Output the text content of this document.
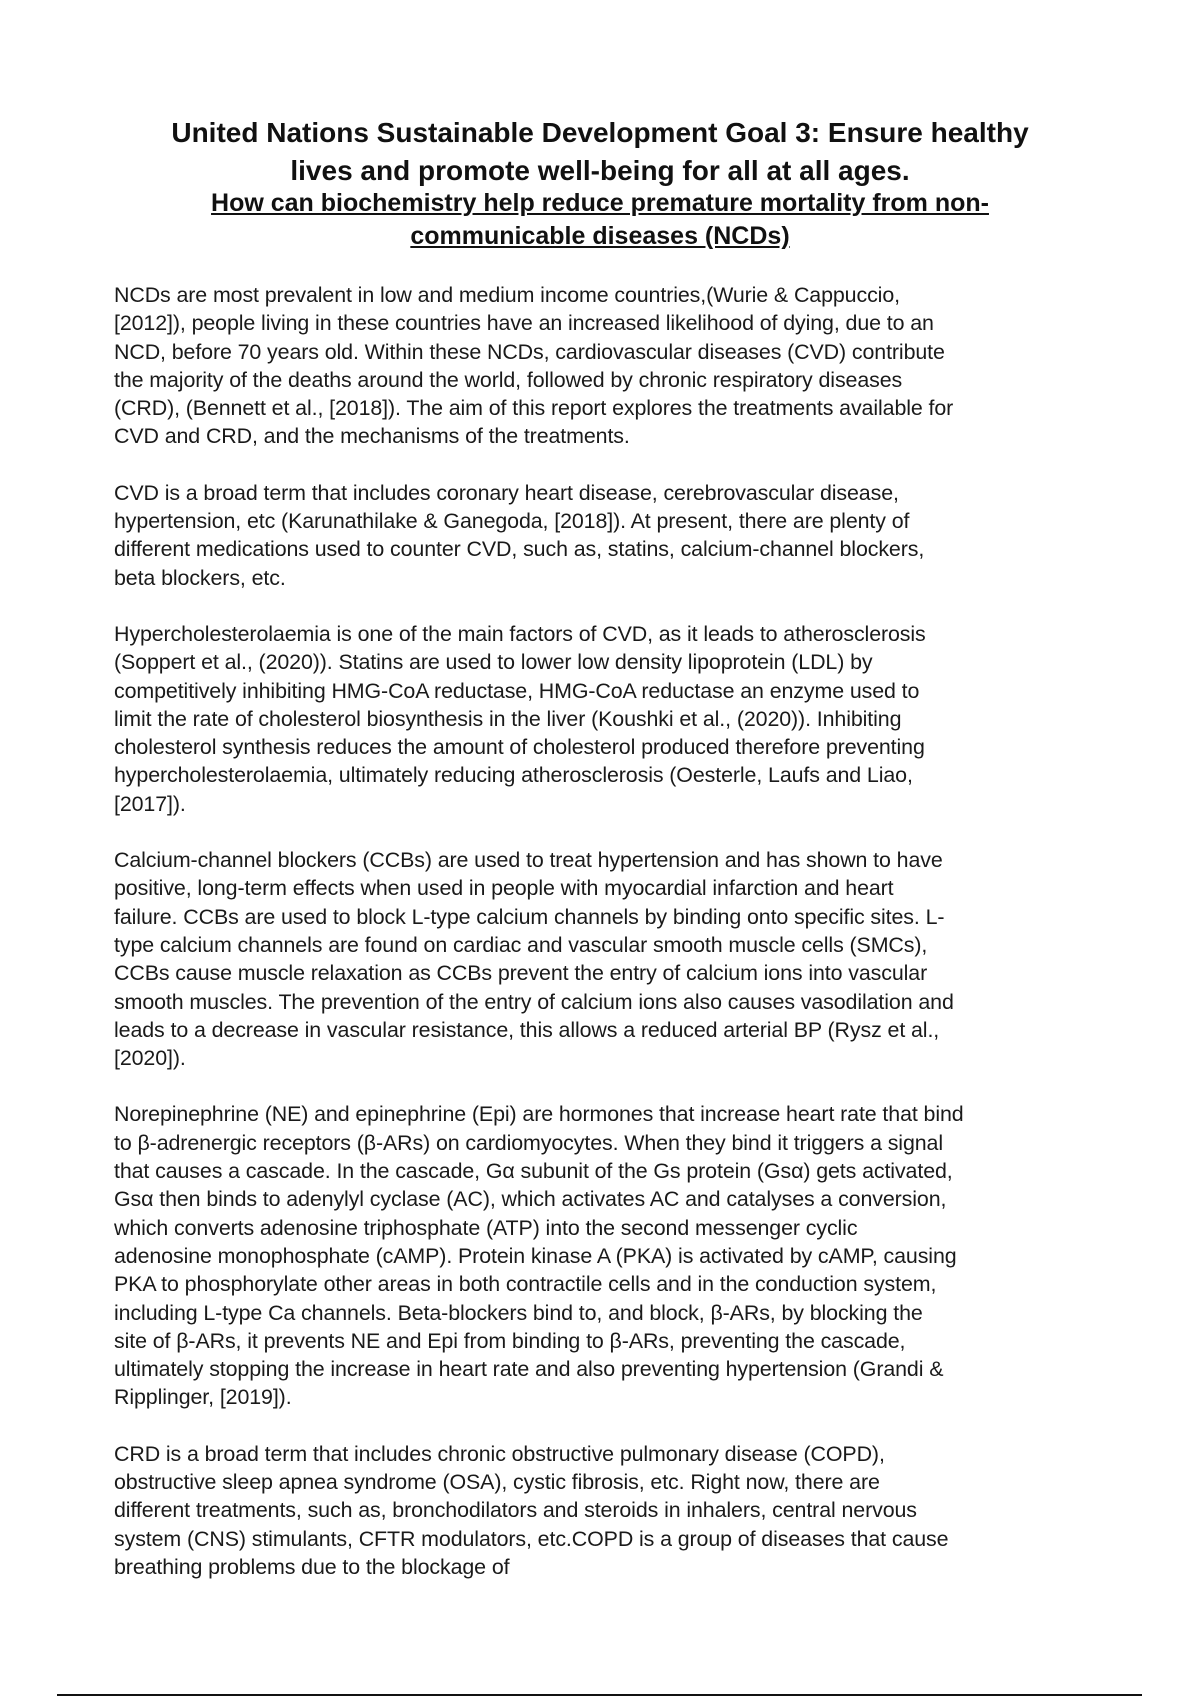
United Nations Sustainable Development Goal 3: Ensure healthy
lives and promote well-being for all at all ages.
How can biochemistry help reduce premature mortality from non-
communicable diseases (NCDs)

NCDs are most prevalent in low and medium income countries,(Wurie & Cappuccio,
[2012]), people living in these countries have an increased likelihood of dying, due to an
NCD, before 70 years old. Within these NCDs, cardiovascular diseases (CVD) contribute
the majority of the deaths around the world, followed by chronic respiratory diseases
(CRD), (Bennett et al., [2018]). The aim of this report explores the treatments available for
CVD and CRD, and the mechanisms of the treatments.

CVD is a broad term that includes coronary heart disease, cerebrovascular disease,
hypertension, etc (Karunathilake & Ganegoda, [2018]). At present, there are plenty of
different medications used to counter CVD, such as, statins, calcium-channel blockers,
beta blockers, etc.

Hypercholesterolaemia is one of the main factors of CVD, as it leads to atherosclerosis
(Soppert et al., (2020)). Statins are used to lower low density lipoprotein (LDL) by
competitively inhibiting HMG-CoA reductase, HMG-CoA reductase an enzyme used to
limit the rate of cholesterol biosynthesis in the liver (Koushki et al., (2020)). Inhibiting
cholesterol synthesis reduces the amount of cholesterol produced therefore preventing
hypercholesterolaemia, ultimately reducing atherosclerosis (Oesterle, Laufs and Liao,
[2017]).

Calcium-channel blockers (CCBs) are used to treat hypertension and has shown to have
positive, long-term effects when used in people with myocardial infarction and heart
failure. CCBs are used to block L-type calcium channels by binding onto specific sites. L-
type calcium channels are found on cardiac and vascular smooth muscle cells (SMCs),
CCBs cause muscle relaxation as CCBs prevent the entry of calcium ions into vascular
smooth muscles. The prevention of the entry of calcium ions also causes vasodilation and
leads to a decrease in vascular resistance, this allows a reduced arterial BP (Rysz et al.,
[2020]).

Norepinephrine (NE) and epinephrine (Epi) are hormones that increase heart rate that bind
to β-adrenergic receptors (β-ARs) on cardiomyocytes. When they bind it triggers a signal
that causes a cascade. In the cascade, Gα subunit of the Gs protein (Gsα) gets activated,
Gsα then binds to adenylyl cyclase (AC), which activates AC and catalyses a conversion,
which converts adenosine triphosphate (ATP) into the second messenger cyclic
adenosine monophosphate (cAMP). Protein kinase A (PKA) is activated by cAMP, causing
PKA to phosphorylate other areas in both contractile cells and in the conduction system,
including L-type Ca channels. Beta-blockers bind to, and block, β-ARs, by blocking the
site of β-ARs, it prevents NE and Epi from binding to β-ARs, preventing the cascade,
ultimately stopping the increase in heart rate and also preventing hypertension (Grandi &
Ripplinger, [2019]).

CRD is a broad term that includes chronic obstructive pulmonary disease (COPD),
obstructive sleep apnea syndrome (OSA), cystic fibrosis, etc. Right now, there are
different treatments, such as, bronchodilators and steroids in inhalers, central nervous
system (CNS) stimulants, CFTR modulators, etc.COPD is a group of diseases that cause
breathing problems due to the blockage of
